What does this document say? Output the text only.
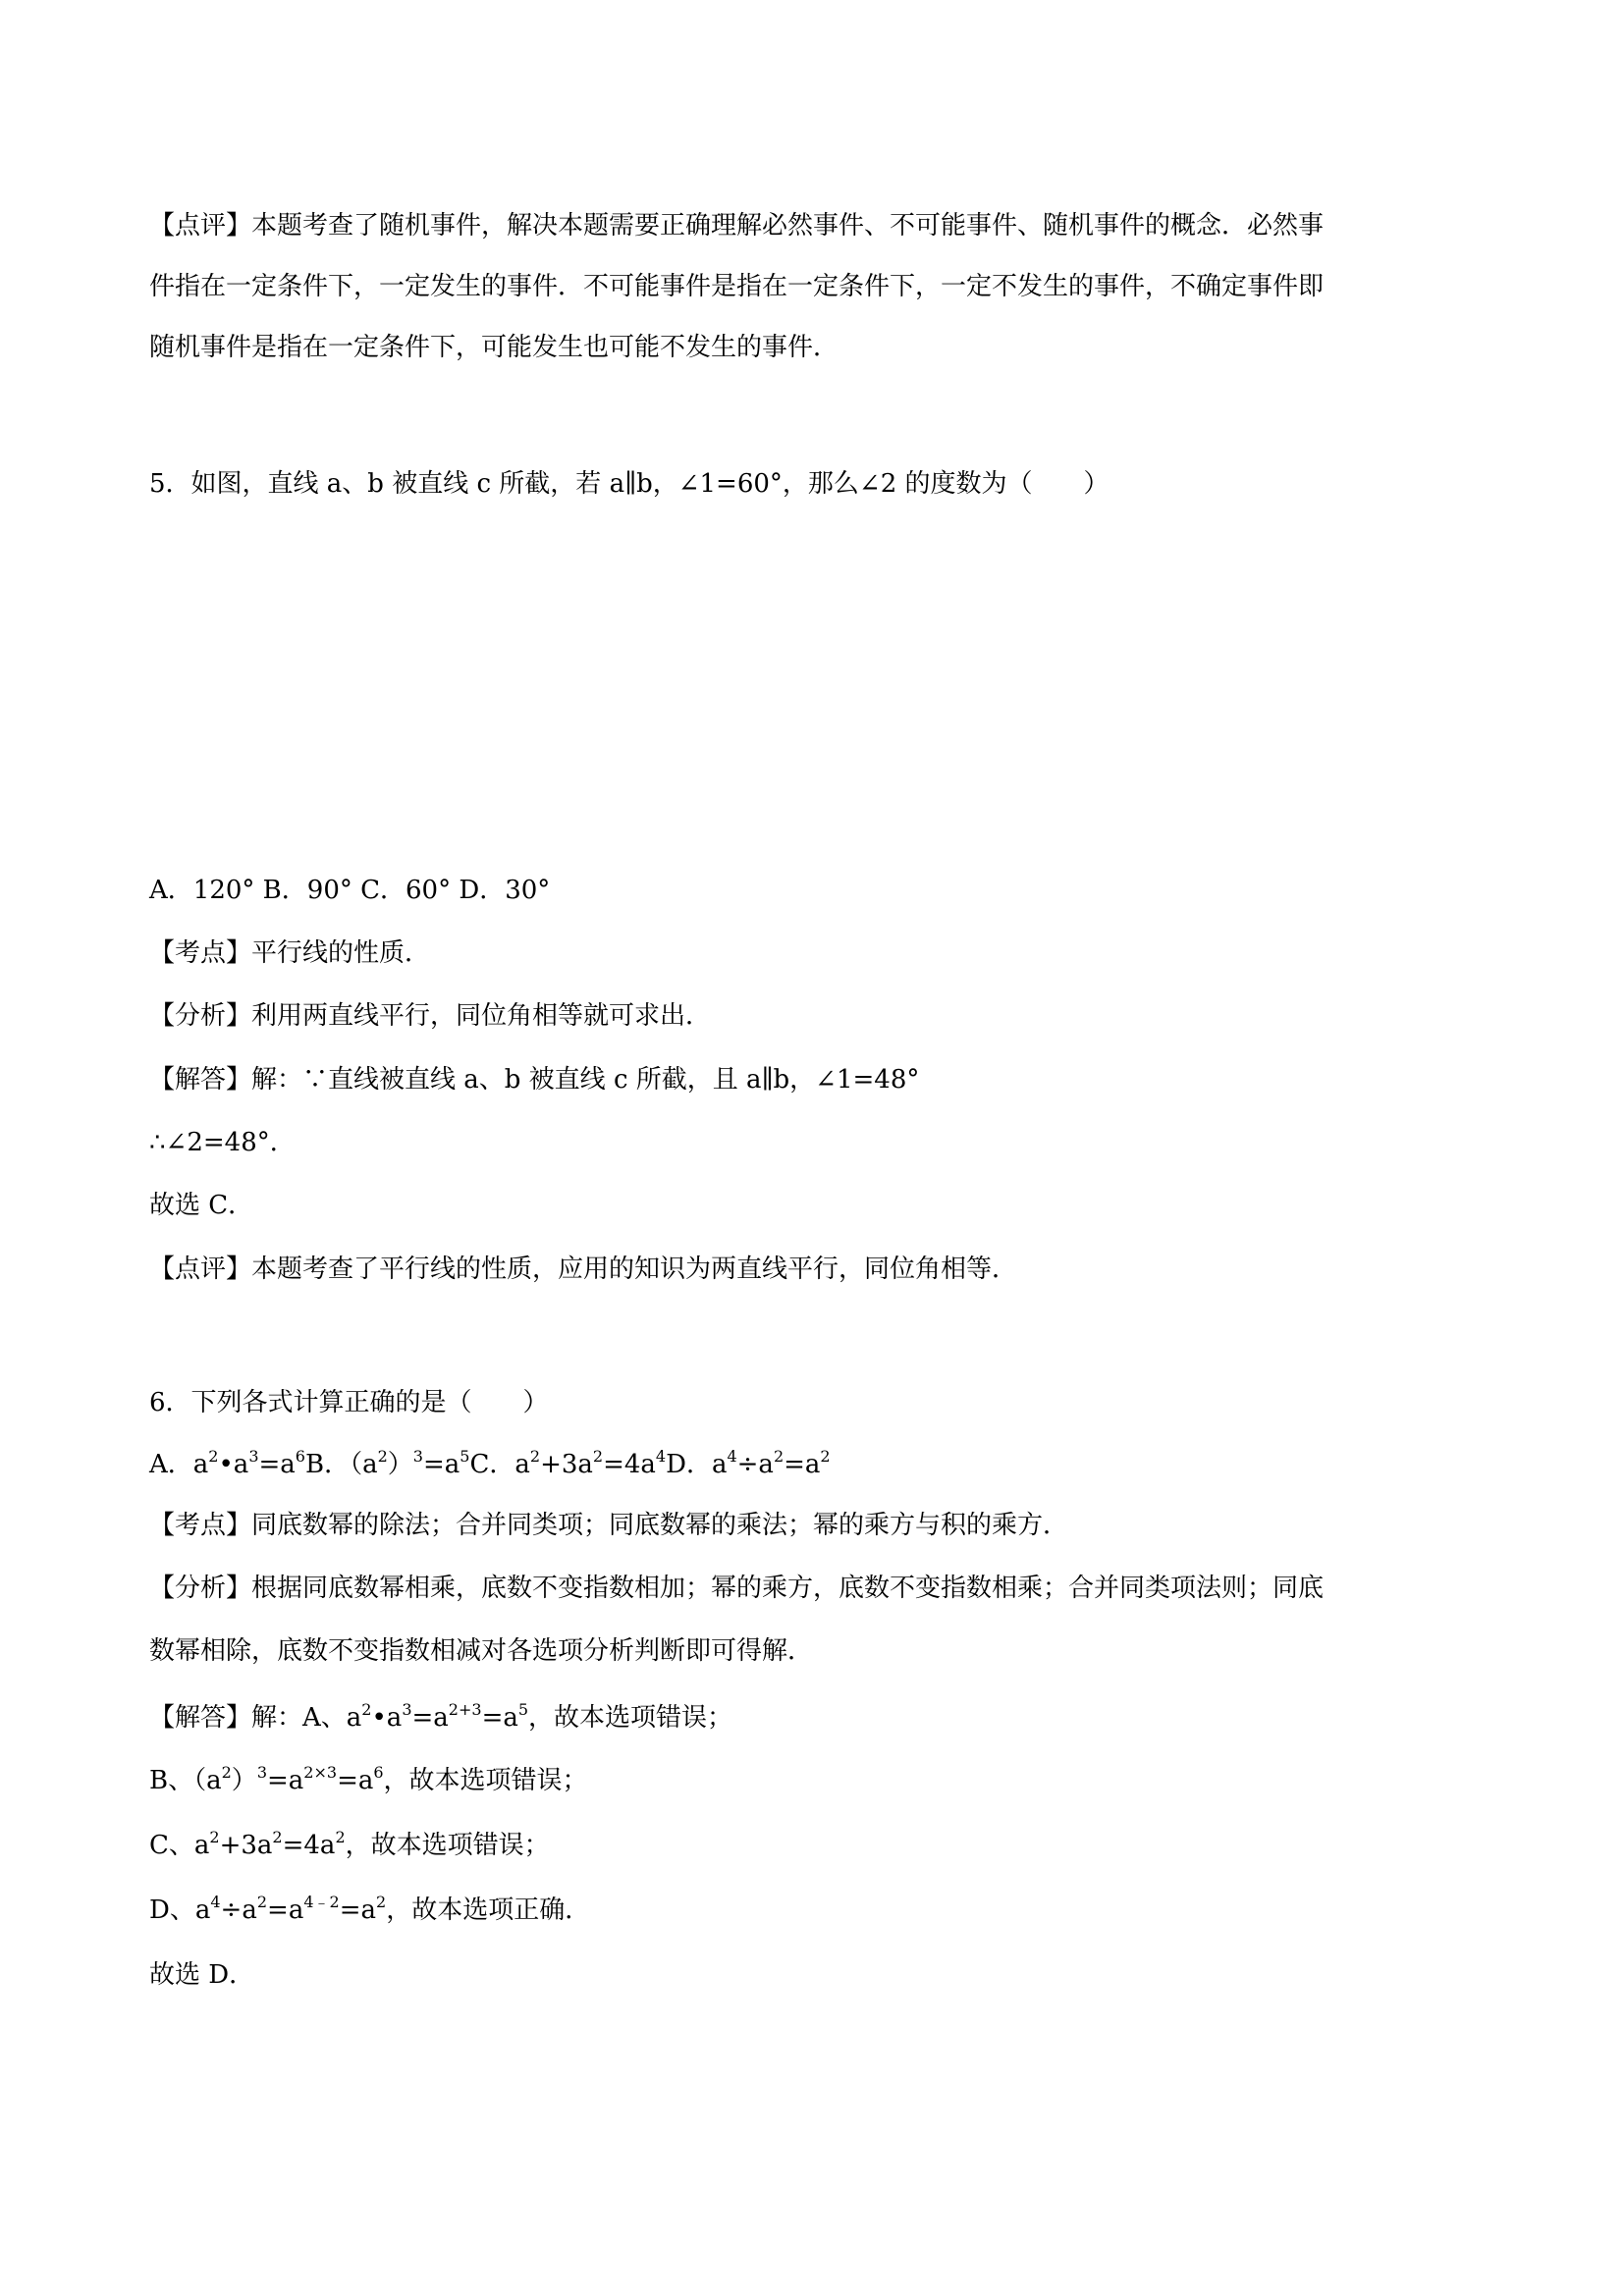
【点评】本题考查了随机事件，解决本题需要正确理解必然事件、不可能事件、随机事件的概念．必然事
件指在一定条件下，一定发生的事件．不可能事件是指在一定条件下，一定不发生的事件，不确定事件即
随机事件是指在一定条件下，可能发生也可能不发生的事件．
5．如图，直线 a、b 被直线 c 所截，若 a∥b，∠1=60°，那么∠2 的度数为（　　）
A．120° B．90° C．60° D．30°
【考点】平行线的性质．
【分析】利用两直线平行，同位角相等就可求出．
【解答】解：∵直线被直线 a、b 被直线 c 所截，且 a∥b，∠1=48°
∴∠2=48°．
故选 C．
【点评】本题考查了平行线的性质，应用的知识为两直线平行，同位角相等．
6．下列各式计算正确的是（　　）
A．$a^2•a^3=a^6B$．$(a^2)^3=a^5C$．$a^2+3a^2=4a^4D$．$a^4\div a^2=a^2$
【考点】同底数幂的除法；合并同类项；同底数幂的乘法；幂的乘方与积的乘方．
【分析】根据同底数幂相乘，底数不变指数相加；幂的乘方，底数不变指数相乘；合并同类项法则；同底
数幂相除，底数不变指数相减对各选项分析判断即可得解．
【解答】解：A、$a^2•a^3=a^{2+3}=a^5$，故本选项错误；
B、$(a^2)^3=a^{2\times 3}=a^6$，故本选项错误；
C、$a^2+3a^2=4a^2$，故本选项错误；
D、$a^4\div a^2=a^{4﹣2}=a^2$，故本选项正确．
故选 D．
